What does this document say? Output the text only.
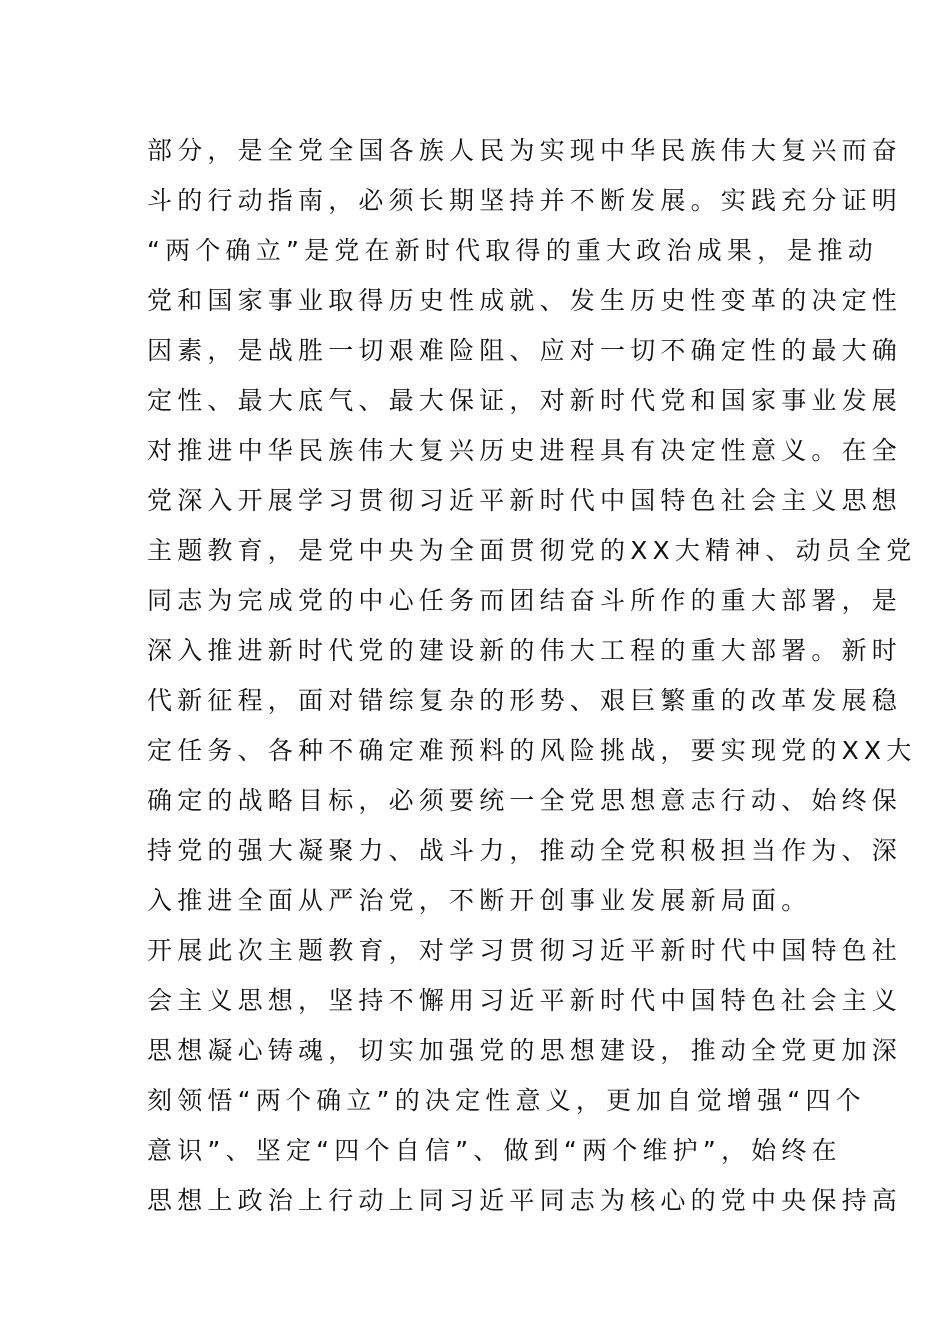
部分，是全党全国各族人民为实现中华民族伟大复兴而奋
斗的行动指南，必须长期坚持并不断发展。实践充分证明
“两个确立”是党在新时代取得的重大政治成果，是推动
党和国家事业取得历史性成就、发生历史性变革的决定性
因素，是战胜一切艰难险阻、应对一切不确定性的最大确
定性、最大底气、最大保证，对新时代党和国家事业发展
对推进中华民族伟大复兴历史进程具有决定性意义。在全
党深入开展学习贯彻习近平新时代中国特色社会主义思想
主题教育，是党中央为全面贯彻党的XX大精神、动员全党
同志为完成党的中心任务而团结奋斗所作的重大部署，是
深入推进新时代党的建设新的伟大工程的重大部署。新时
代新征程，面对错综复杂的形势、艰巨繁重的改革发展稳
定任务、各种不确定难预料的风险挑战，要实现党的XX大
确定的战略目标，必须要统一全党思想意志行动、始终保
持党的强大凝聚力、战斗力，推动全党积极担当作为、深
入推进全面从严治党，不断开创事业发展新局面。
开展此次主题教育，对学习贯彻习近平新时代中国特色社
会主义思想，坚持不懈用习近平新时代中国特色社会主义
思想凝心铸魂，切实加强党的思想建设，推动全党更加深
刻领悟“两个确立”的决定性意义，更加自觉增强“四个
意识”、坚定“四个自信”、做到“两个维护”，始终在
思想上政治上行动上同习近平同志为核心的党中央保持高
